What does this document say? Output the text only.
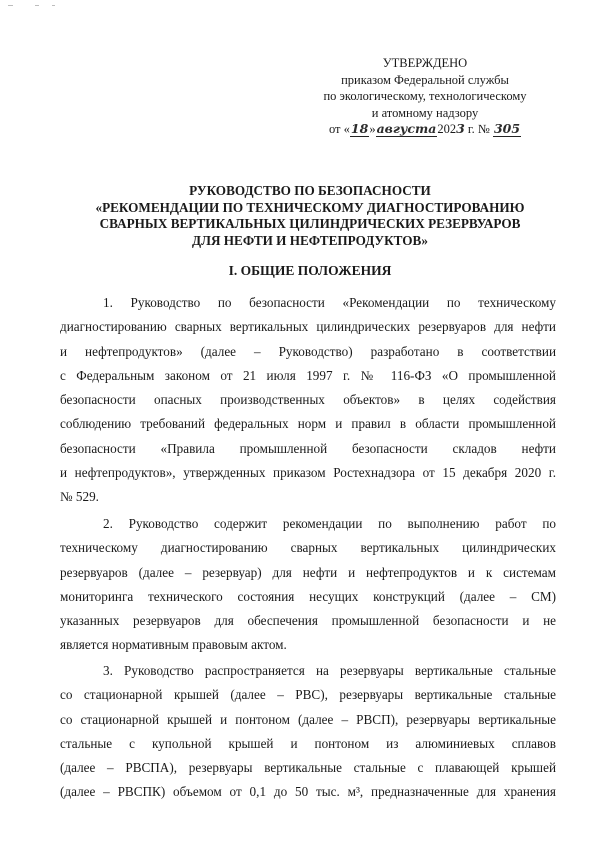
УТВЕРЖДЕНО
приказом Федеральной службы
по экологическому, технологическому
и атомному надзору
от «18»августа2023 г. № 305
РУКОВОДСТВО ПО БЕЗОПАСНОСТИ
«РЕКОМЕНДАЦИИ ПО ТЕХНИЧЕСКОМУ ДИАГНОСТИРОВАНИЮ
СВАРНЫХ ВЕРТИКАЛЬНЫХ ЦИЛИНДРИЧЕСКИХ РЕЗЕРВУАРОВ
ДЛЯ НЕФТИ И НЕФТЕПРОДУКТОВ»
I. ОБЩИЕ ПОЛОЖЕНИЯ
1. Руководство по безопасности «Рекомендации по техническому
диагностированию сварных вертикальных цилиндрических резервуаров для нефти
и нефтепродуктов» (далее – Руководство) разработано в соответствии
с Федеральным законом от 21 июля 1997 г. № 116-ФЗ «О промышленной
безопасности опасных производственных объектов» в целях содействия
соблюдению требований федеральных норм и правил в области промышленной
безопасности «Правила промышленной безопасности складов нефти
и нефтепродуктов», утвержденных приказом Ростехнадзора от 15 декабря 2020 г.
№ 529.
2. Руководство содержит рекомендации по выполнению работ по
техническому диагностированию сварных вертикальных цилиндрических
резервуаров (далее – резервуар) для нефти и нефтепродуктов и к системам
мониторинга технического состояния несущих конструкций (далее – СМ)
указанных резервуаров для обеспечения промышленной безопасности и не
является нормативным правовым актом.
3. Руководство распространяется на резервуары вертикальные стальные
со стационарной крышей (далее – РВС), резервуары вертикальные стальные
со стационарной крышей и понтоном (далее – РВСП), резервуары вертикальные
стальные с купольной крышей и понтоном из алюминиевых сплавов
(далее – РВСПА), резервуары вертикальные стальные с плавающей крышей
(далее – РВСПК) объемом от 0,1 до 50 тыс. м³, предназначенные для хранения
